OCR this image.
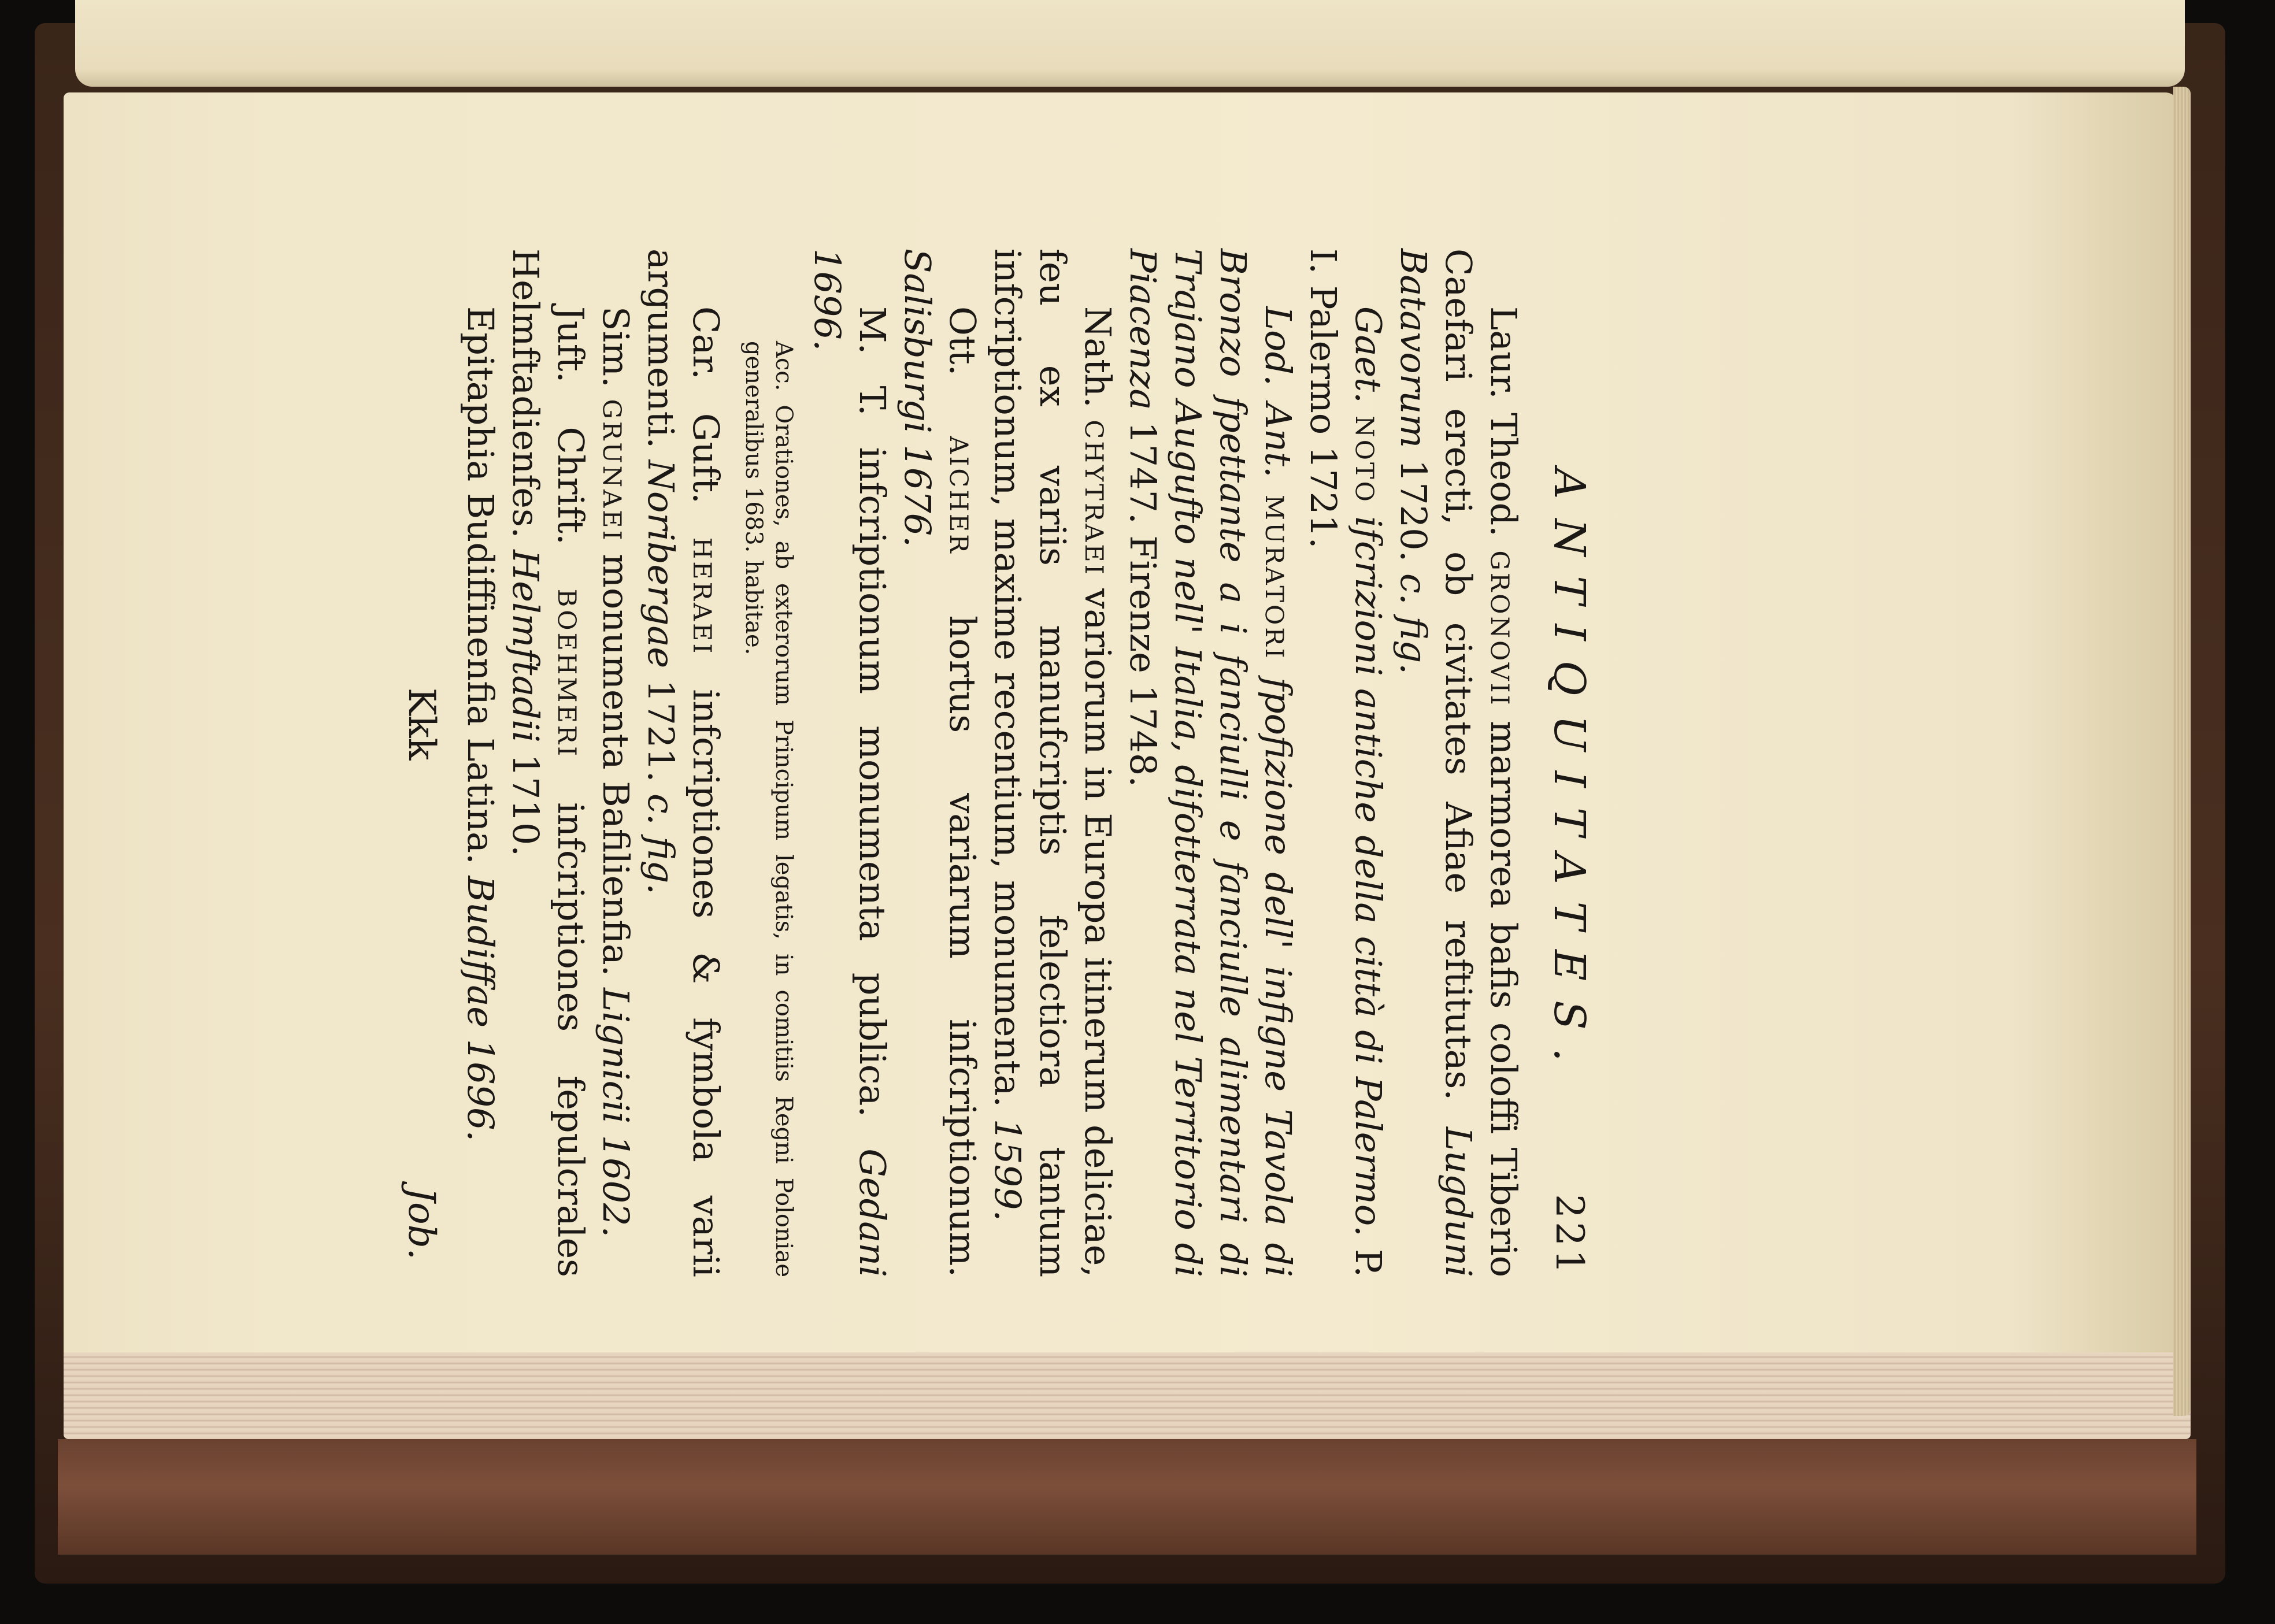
ANTIQUITATES.
221

Laur. Theod. gronovii marmorea bafis coloffi Tiberio Caefari erecti, ob civitates Afiae reftitutas. Lugduni Batavorum 1720. c. fig.

Gaet. noto ifcrizioni antiche della città di Palermo. P. I. Palermo 1721.

Lod. Ant. muratori fpofizione dell' infigne Tavola di Bronzo fpettante a i fanciulli e fanciulle alimentari di Trajano Augufto nell' Italia, difotterrata nel Territorio di Piacenza 1747. Firenze 1748.

Nath. chytraei variorum in Europa itinerum deliciae, feu ex variis manufcriptis felectiora tantum infcriptionum, maxime recentium, monumenta. 1599.

Ott. aicher hortus variarum infcriptionum. Salisburgi 1676.

M. T. infcriptionum monumenta publica. Gedani 1696.

Acc. Orationes, ab exterorum Principum legatis, in comitiis Regni Poloniae generalibus 1683. habitae.

Car. Guft. heraei infcriptiones & fymbola varii argumenti. Noribergae 1721. c. fig.

Sim. grunaei monumenta Bafilienfia. Lignicii 1602.

Juft. Chrift. boehmeri infcriptiones fepulcrales Helmftadienfes. Helmftadii 1710.

Epitaphia Budiffinenfia Latina. Budiffae 1696.

Kkk
Job.
